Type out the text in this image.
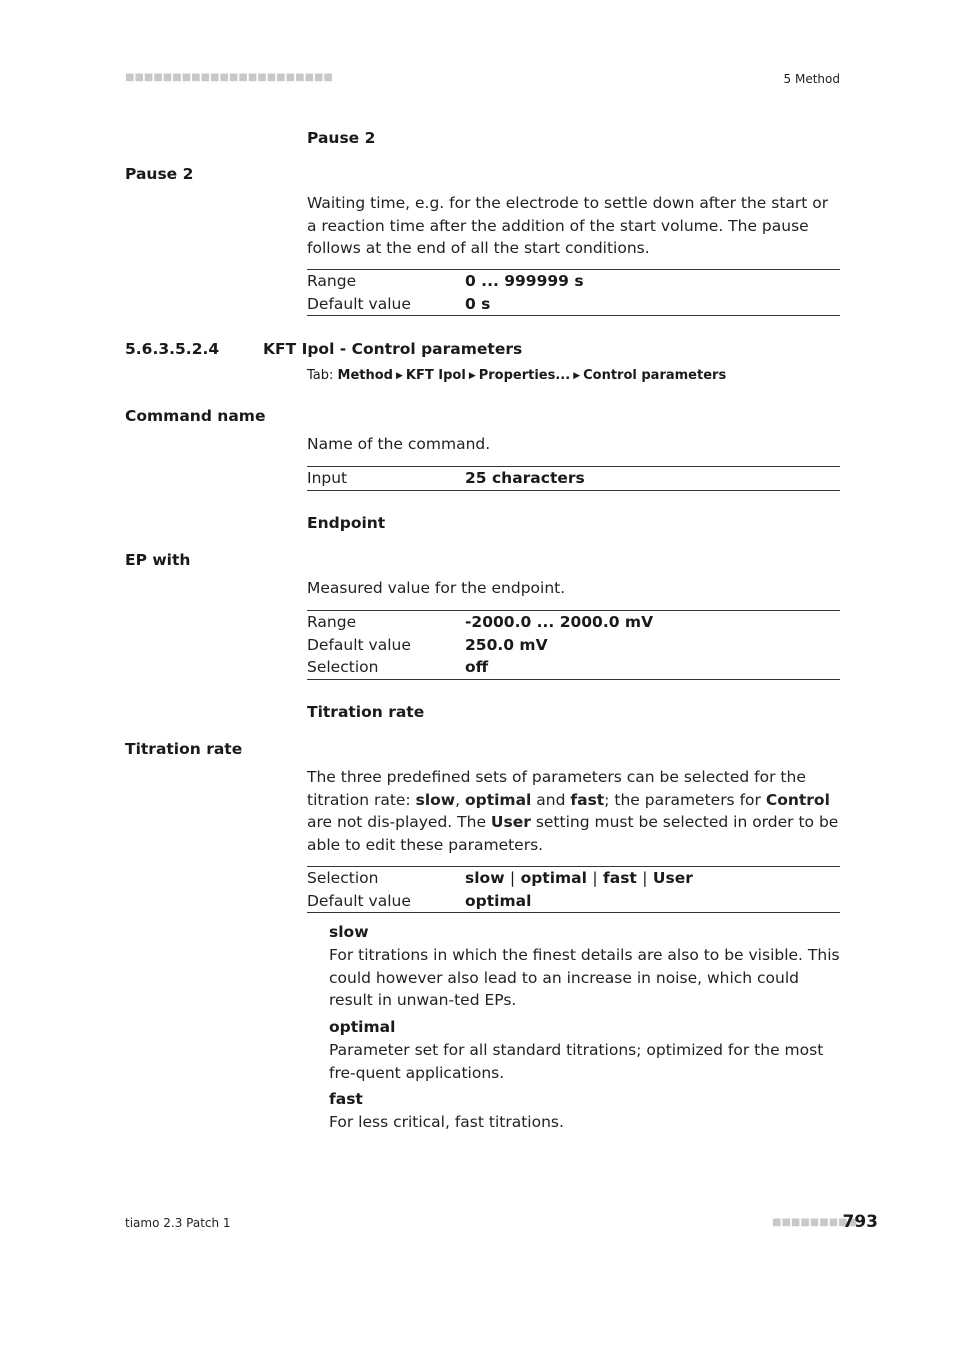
■■■■■■■■■■■■■■■■■■■■■■	5 Method
Pause 2
Pause 2
Waiting time, e.g. for the electrode to settle down after the start or a reaction time after the addition of the start volume. The pause follows at the end of all the start conditions.
Range	0 ... 999999 s
Default value	0 s
5.6.3.5.2.4	KFT Ipol - Control parameters
Tab: Method ▶ KFT Ipol ▶ Properties... ▶ Control parameters
Command name
Name of the command.
Input	25 characters
Endpoint
EP with
Measured value for the endpoint.
Range	-2000.0 ... 2000.0 mV
Default value	250.0 mV
Selection	off
Titration rate
Titration rate
The three predefined sets of parameters can be selected for the titration rate: slow, optimal and fast; the parameters for Control are not dis-played. The User setting must be selected in order to be able to edit these parameters.
Selection	slow | optimal | fast | User
Default value	optimal
slow
For titrations in which the finest details are also to be visible. This could however also lead to an increase in noise, which could result in unwan-ted EPs.
optimal
Parameter set for all standard titrations; optimized for the most fre-quent applications.
fast
For less critical, fast titrations.
tiamo 2.3 Patch 1	■■■■■■■■■
793
